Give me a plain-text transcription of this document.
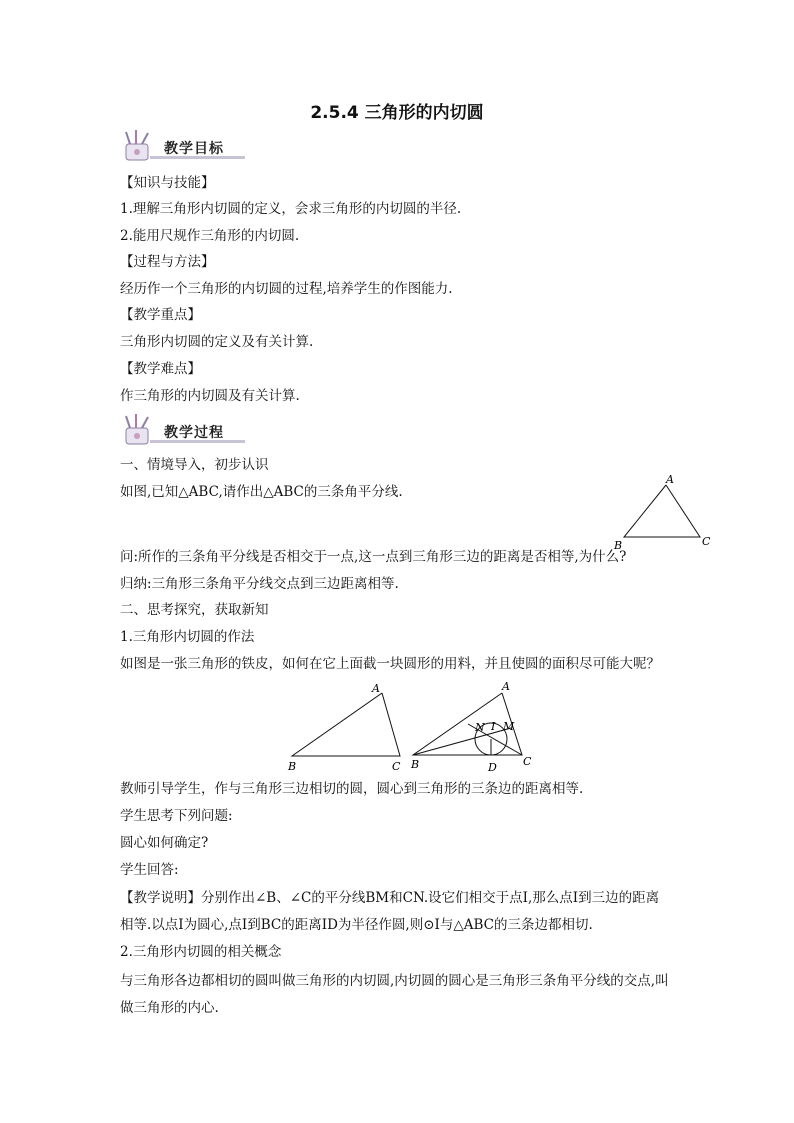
2.5.4 三角形的内切圆
教学目标
【知识与技能】
1.理解三角形内切圆的定义，会求三角形的内切圆的半径.
2.能用尺规作三角形的内切圆.
【过程与方法】
经历作一个三角形的内切圆的过程,培养学生的作图能力.
【教学重点】
三角形内切圆的定义及有关计算.
【教学难点】
作三角形的内切圆及有关计算.
教学过程
一、情境导入，初步认识
如图,已知△ABC,请作出△ABC的三条角平分线.
A
B	C
问:所作的三条角平分线是否相交于一点,这一点到三角形三边的距离是否相等,为什么?
归纳:三角形三条角平分线交点到三边距离相等.
二、思考探究，获取新知
1.三角形内切圆的作法
如图是一张三角形的铁皮，如何在它上面截一块圆形的用料，并且使圆的面积尽可能大呢？
A
B	C
A
B	C
N I M
D
教师引导学生，作与三角形三边相切的圆，圆心到三角形的三条边的距离相等.
学生思考下列问题:
圆心如何确定?
学生回答:
【教学说明】分别作出∠B、∠C的平分线BM和CN.设它们相交于点I,那么点I到三边的距离
相等.以点I为圆心,点I到BC的距离ID为半径作圆,则⊙I与△ABC的三条边都相切.
2.三角形内切圆的相关概念
与三角形各边都相切的圆叫做三角形的内切圆,内切圆的圆心是三角形三条角平分线的交点,叫
做三角形的内心.
